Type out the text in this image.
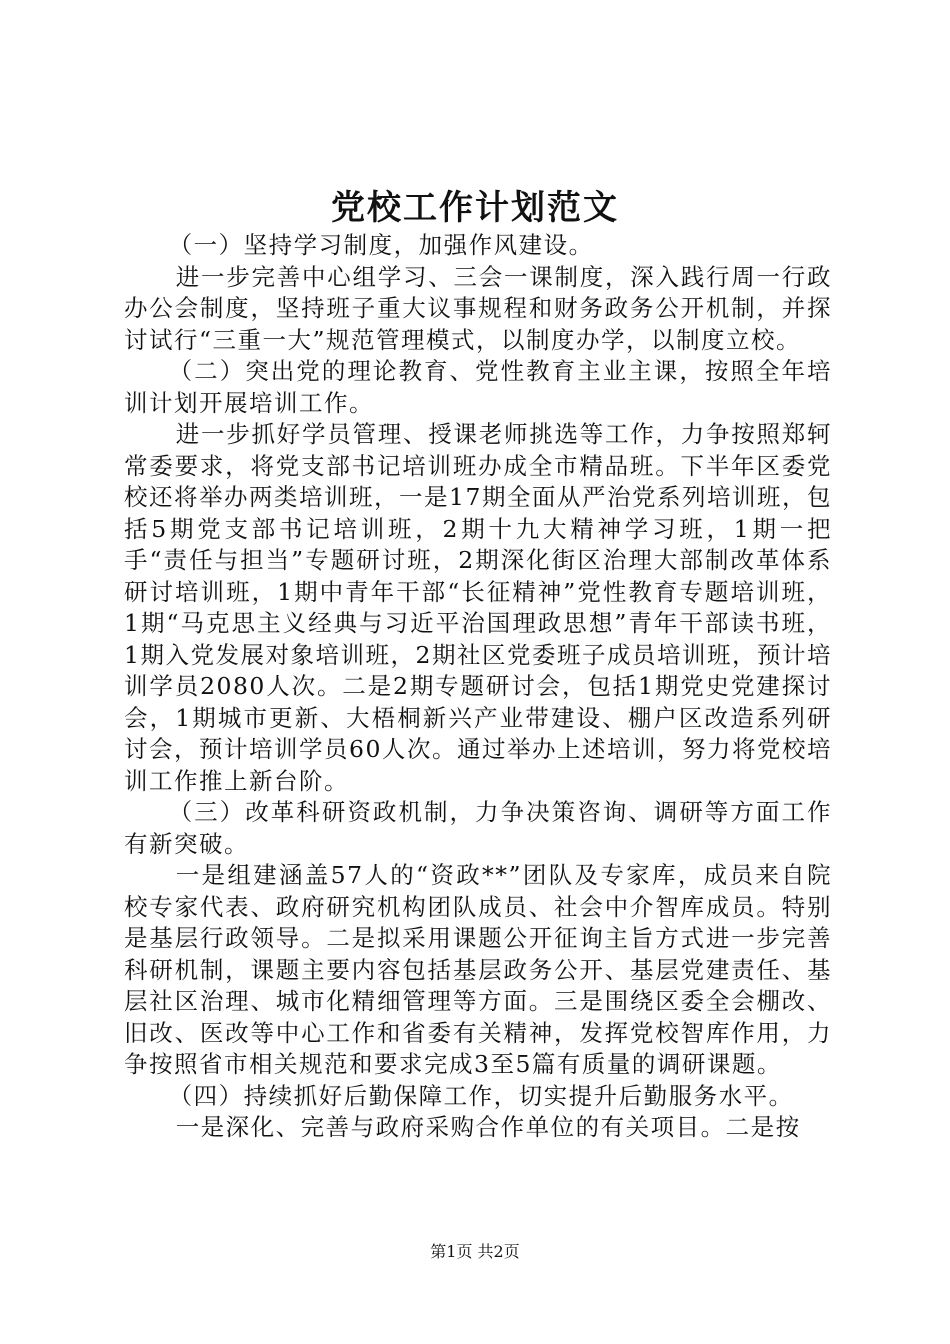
党校工作计划范文

（一）坚持学习制度，加强作风建设。

进一步完善中心组学习、三会一课制度，深入践行周一行政办公会制度，坚持班子重大议事规程和财务政务公开机制，并探讨试行“三重一大”规范管理模式，以制度办学，以制度立校。

（二）突出党的理论教育、党性教育主业主课，按照全年培训计划开展培训工作。

进一步抓好学员管理、授课老师挑选等工作，力争按照郑轲常委要求，将党支部书记培训班办成全市精品班。下半年区委党校还将举办两类培训班，一是17期全面从严治党系列培训班，包括5期党支部书记培训班，2期十九大精神学习班，1期一把手“责任与担当”专题研讨班，2期深化街区治理大部制改革体系研讨培训班，1期中青年干部“长征精神”党性教育专题培训班，1期“马克思主义经典与习近平治国理政思想”青年干部读书班，1期入党发展对象培训班，2期社区党委班子成员培训班，预计培训学员2080人次。二是2期专题研讨会，包括1期党史党建探讨会，1期城市更新、大梧桐新兴产业带建设、棚户区改造系列研讨会，预计培训学员60人次。通过举办上述培训，努力将党校培训工作推上新台阶。

（三）改革科研资政机制，力争决策咨询、调研等方面工作有新突破。

一是组建涵盖57人的“资政**”团队及专家库，成员来自院校专家代表、政府研究机构团队成员、社会中介智库成员。特别是基层行政领导。二是拟采用课题公开征询主旨方式进一步完善科研机制，课题主要内容包括基层政务公开、基层党建责任、基层社区治理、城市化精细管理等方面。三是围绕区委全会棚改、旧改、医改等中心工作和省委有关精神，发挥党校智库作用，力争按照省市相关规范和要求完成3至5篇有质量的调研课题。

（四）持续抓好后勤保障工作，切实提升后勤服务水平。

一是深化、完善与政府采购合作单位的有关项目。二是按

第1页 共2页
